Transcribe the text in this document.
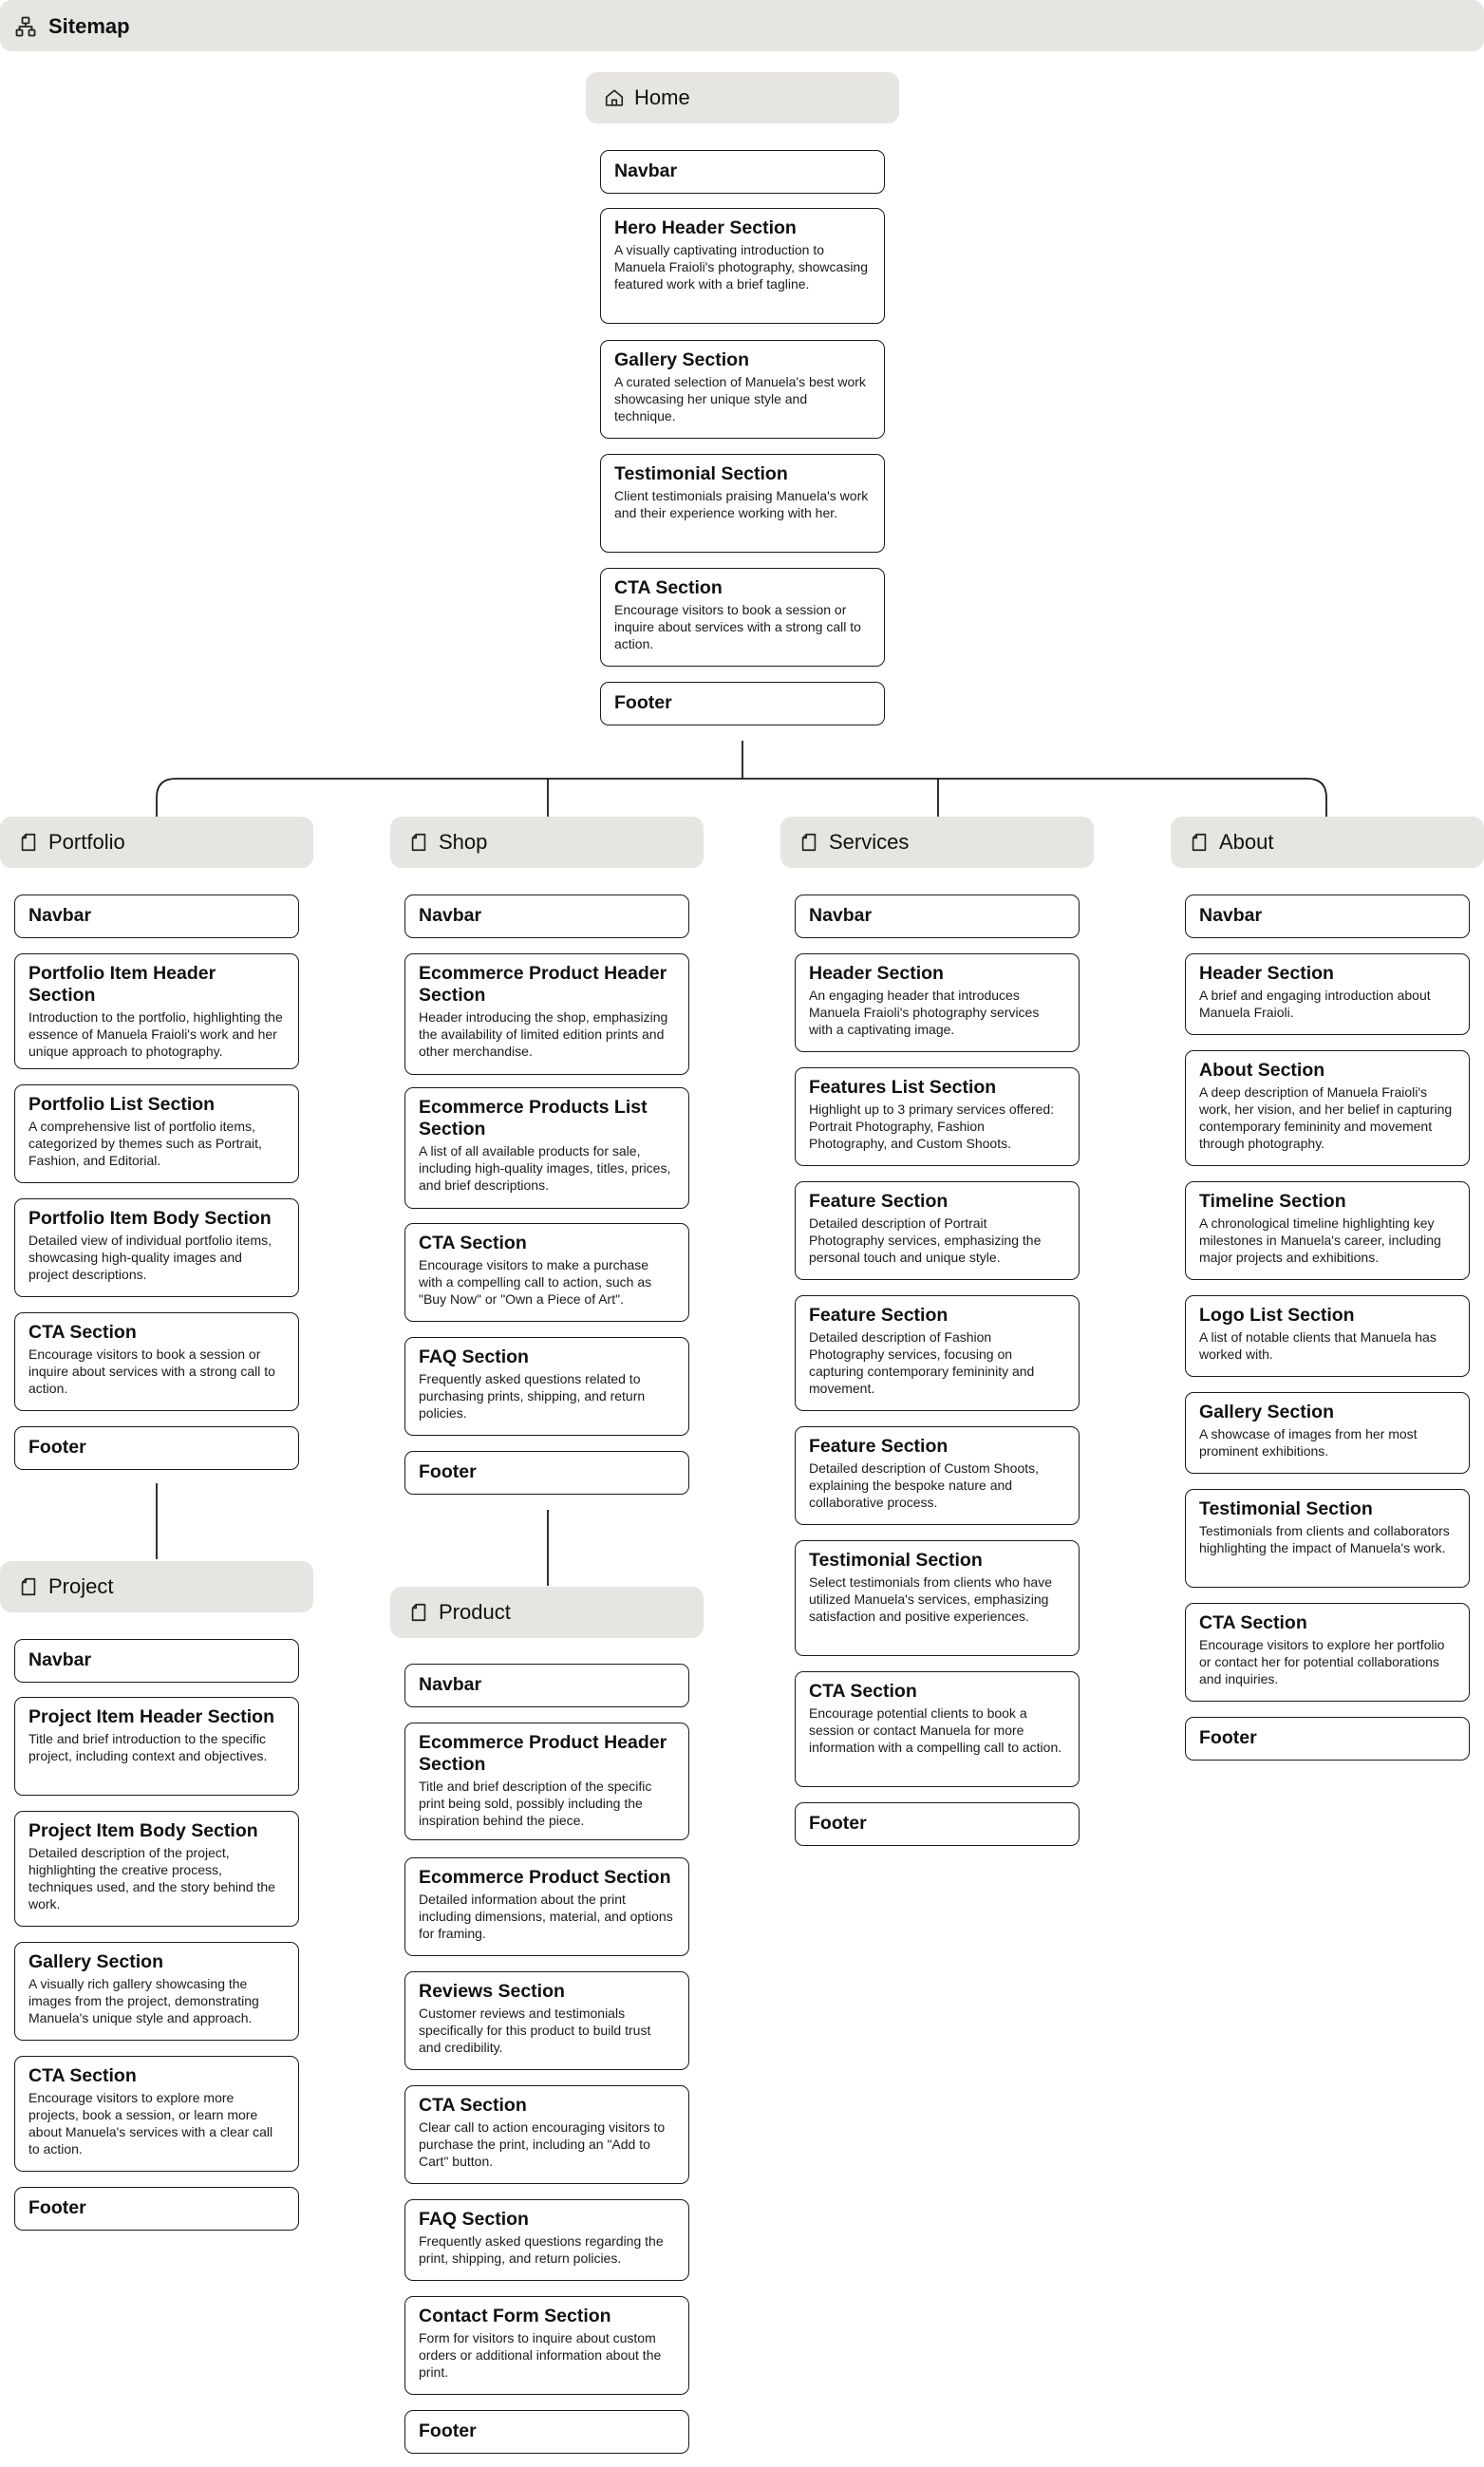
Sitemap
Home
Portfolio	Shop	Services	About
Project
Product
Navbar
Hero Header Section
A visually captivating introduction to Manuela Fraioli's photography, showcasing featured work with a brief tagline.
Gallery Section
A curated selection of Manuela's best work showcasing her unique style and technique.
Testimonial Section
Client testimonials praising Manuela's work and their experience working with her.
CTA Section
Encourage visitors to book a session or inquire about services with a strong call to action.
Footer
Navbar
Portfolio Item Header Section
Introduction to the portfolio, highlighting the essence of Manuela Fraioli's work and her unique approach to photography.
Portfolio List Section
A comprehensive list of portfolio items, categorized by themes such as Portrait, Fashion, and Editorial.
Portfolio Item Body Section
Detailed view of individual portfolio items, showcasing high-quality images and project descriptions.
CTA Section
Encourage visitors to book a session or inquire about services with a strong call to action.
Footer
Navbar
Project Item Header Section
Title and brief introduction to the specific project, including context and objectives.
Project Item Body Section
Detailed description of the project, highlighting the creative process, techniques used, and the story behind the work.
Gallery Section
A visually rich gallery showcasing the images from the project, demonstrating Manuela's unique style and approach.
CTA Section
Encourage visitors to explore more projects, book a session, or learn more about Manuela's services with a clear call to action.
Footer
Navbar
Ecommerce Product Header Section
Header introducing the shop, emphasizing the availability of limited edition prints and other merchandise.
Ecommerce Products List Section
A list of all available products for sale, including high-quality images, titles, prices, and brief descriptions.
CTA Section
Encourage visitors to make a purchase with a compelling call to action, such as "Buy Now" or "Own a Piece of Art".
FAQ Section
Frequently asked questions related to purchasing prints, shipping, and return policies.
Footer
Navbar
Ecommerce Product Header Section
Title and brief description of the specific print being sold, possibly including the inspiration behind the piece.
Ecommerce Product Section
Detailed information about the print including dimensions, material, and options for framing.
Reviews Section
Customer reviews and testimonials specifically for this product to build trust and credibility.
CTA Section
Clear call to action encouraging visitors to purchase the print, including an "Add to Cart" button.
FAQ Section
Frequently asked questions regarding the print, shipping, and return policies.
Contact Form Section
Form for visitors to inquire about custom orders or additional information about the print.
Footer
Navbar
Header Section
An engaging header that introduces Manuela Fraioli's photography services with a captivating image.
Features List Section
Highlight up to 3 primary services offered: Portrait Photography, Fashion Photography, and Custom Shoots.
Feature Section
Detailed description of Portrait Photography services, emphasizing the personal touch and unique style.
Feature Section
Detailed description of Fashion Photography services, focusing on capturing contemporary femininity and movement.
Feature Section
Detailed description of Custom Shoots, explaining the bespoke nature and collaborative process.
Testimonial Section
Select testimonials from clients who have utilized Manuela's services, emphasizing satisfaction and positive experiences.
CTA Section
Encourage potential clients to book a session or contact Manuela for more information with a compelling call to action.
Footer
Navbar
Header Section
A brief and engaging introduction about Manuela Fraioli.
About Section
A deep description of Manuela Fraioli's work, her vision, and her belief in capturing contemporary femininity and movement through photography.
Timeline Section
A chronological timeline highlighting key milestones in Manuela's career, including major projects and exhibitions.
Logo List Section
A list of notable clients that Manuela has worked with.
Gallery Section
A showcase of images from her most prominent exhibitions.
Testimonial Section
Testimonials from clients and collaborators highlighting the impact of Manuela's work.
CTA Section
Encourage visitors to explore her portfolio or contact her for potential collaborations and inquiries.
Footer
